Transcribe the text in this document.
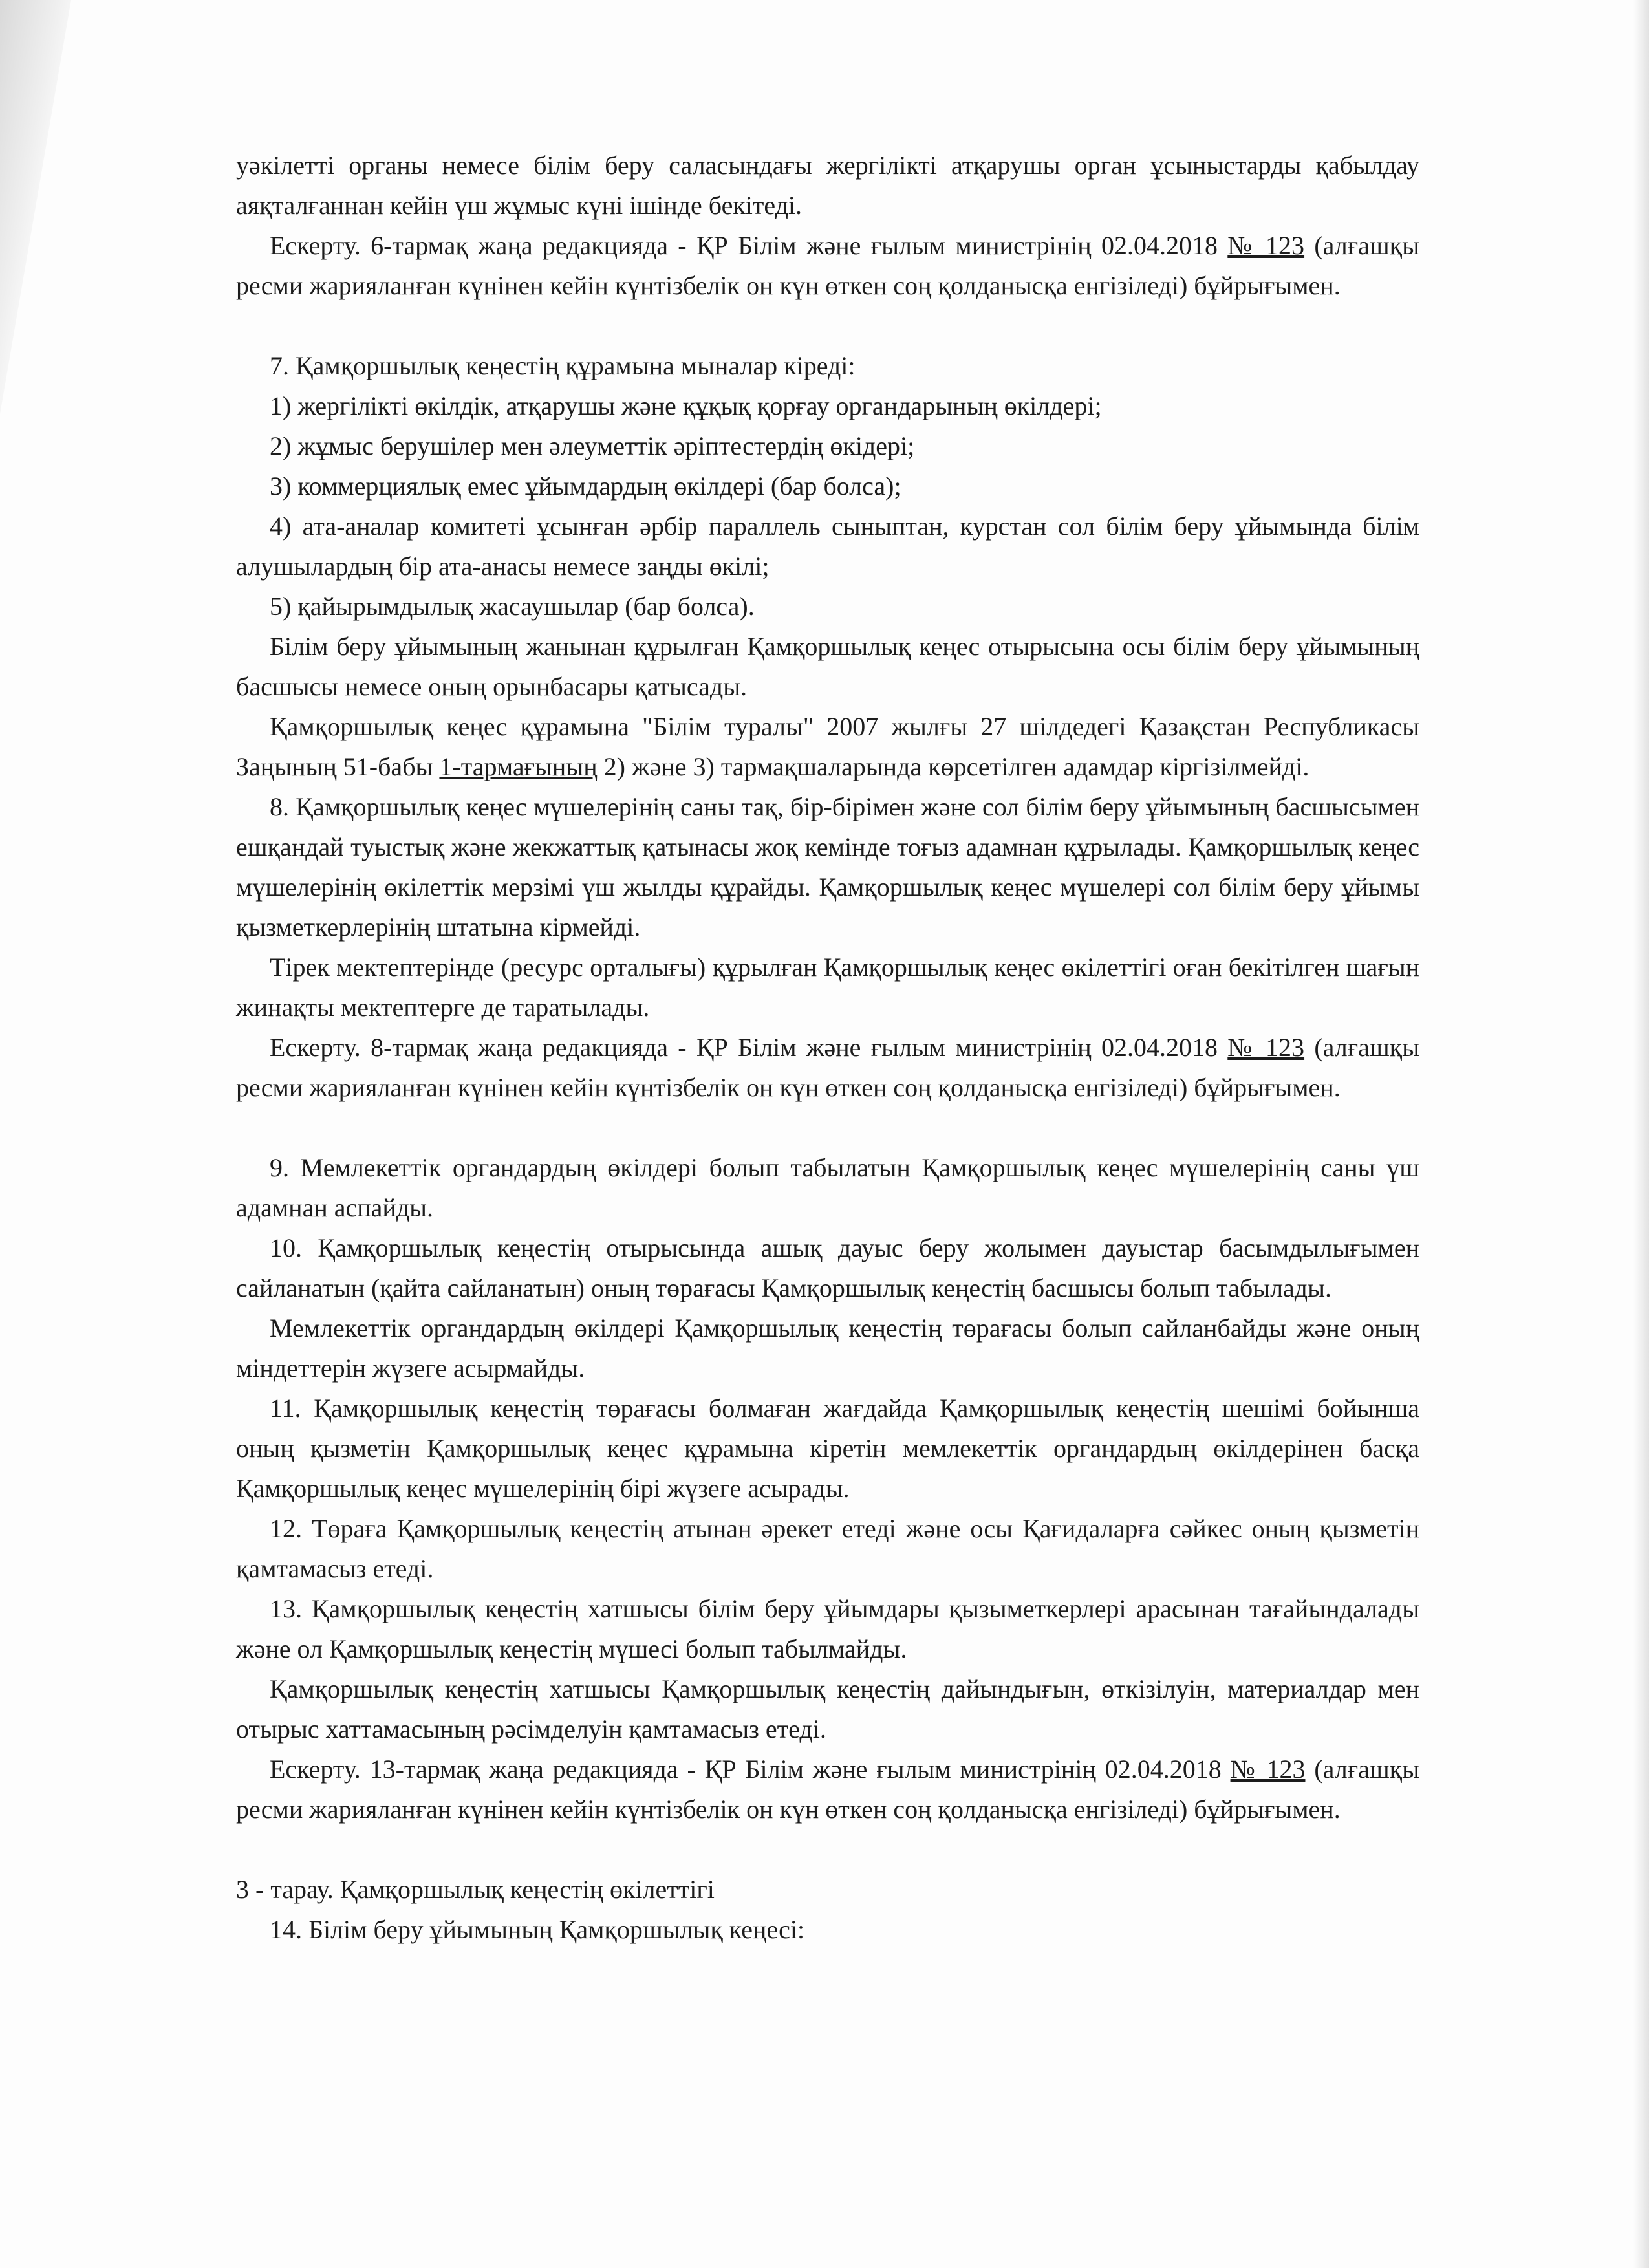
уәкілетті органы немесе білім беру саласындағы жергілікті атқарушы орган ұсыныстарды қабылдау аяқталғаннан кейін үш жұмыс күні ішінде бекітеді.

Ескерту. 6-тармақ жаңа редакцияда - ҚР Білім және ғылым министрінің 02.04.2018 № 123 (алғашқы ресми жарияланған күнінен кейін күнтізбелік он күн өткен соң қолданысқа енгізіледі) бұйрығымен.

7. Қамқоршылық кеңестің құрамына мыналар кіреді:

1) жергілікті өкілдік, атқарушы және құқық қорғау органдарының өкілдері;

2) жұмыс берушілер мен әлеуметтік әріптестердің өкідері;

3) коммерциялық емес ұйымдардың өкілдері (бар болса);

4) ата-аналар комитеті ұсынған әрбір параллель сыныптан, курстан сол білім беру ұйымында білім алушылардың бір ата-анасы немесе заңды өкілі;

5) қайырымдылық жасаушылар (бар болса).

Білім беру ұйымының жанынан құрылған Қамқоршылық кеңес отырысына осы білім беру ұйымының басшысы немесе оның орынбасары қатысады.

Қамқоршылық кеңес құрамына "Білім туралы" 2007 жылғы 27 шілдедегі Қазақстан Республикасы Заңының 51-бабы 1-тармағының 2) және 3) тармақшаларында көрсетілген адамдар кіргізілмейді.

8. Қамқоршылық кеңес мүшелерінің саны тақ, бір-бірімен және сол білім беру ұйымының басшысымен ешқандай туыстық және жекжаттық қатынасы жоқ кемінде тоғыз адамнан құрылады. Қамқоршылық кеңес мүшелерінің өкілеттік мерзімі үш жылды құрайды. Қамқоршылық кеңес мүшелері сол білім беру ұйымы қызметкерлерінің штатына кірмейді.

Тірек мектептерінде (ресурс орталығы) құрылған Қамқоршылық кеңес өкілеттігі оған бекітілген шағын жинақты мектептерге де таратылады.

Ескерту. 8-тармақ жаңа редакцияда - ҚР Білім және ғылым министрінің 02.04.2018 № 123 (алғашқы ресми жарияланған күнінен кейін күнтізбелік он күн өткен соң қолданысқа енгізіледі) бұйрығымен.

9. Мемлекеттік органдардың өкілдері болып табылатын Қамқоршылық кеңес мүшелерінің саны үш адамнан аспайды.

10. Қамқоршылық кеңестің отырысында ашық дауыс беру жолымен дауыстар басымдылығымен сайланатын (қайта сайланатын) оның төрағасы Қамқоршылық кеңестің басшысы болып табылады.

Мемлекеттік органдардың өкілдері Қамқоршылық кеңестің төрағасы болып сайланбайды және оның міндеттерін жүзеге асырмайды.

11. Қамқоршылық кеңестің төрағасы болмаған жағдайда Қамқоршылық кеңестің шешімі бойынша оның қызметін Қамқоршылық кеңес құрамына кіретін мемлекеттік органдардың өкілдерінен басқа Қамқоршылық кеңес мүшелерінің бірі жүзеге асырады.

12. Төраға Қамқоршылық кеңестің атынан әрекет етеді және осы Қағидаларға сәйкес оның қызметін қамтамасыз етеді.

13. Қамқоршылық кеңестің хатшысы білім беру ұйымдары қызыметкерлері арасынан тағайындалады және ол Қамқоршылық кеңестің мүшесі болып табылмайды.

Қамқоршылық кеңестің хатшысы Қамқоршылық кеңестің дайындығын, өткізілуін, материалдар мен отырыс хаттамасының рәсімделуін қамтамасыз етеді.

Ескерту. 13-тармақ жаңа редакцияда - ҚР Білім және ғылым министрінің 02.04.2018 № 123 (алғашқы ресми жарияланған күнінен кейін күнтізбелік он күн өткен соң қолданысқа енгізіледі) бұйрығымен.

3 - тарау. Қамқоршылық кеңестің өкілеттігі

14. Білім беру ұйымының Қамқоршылық кеңесі:
